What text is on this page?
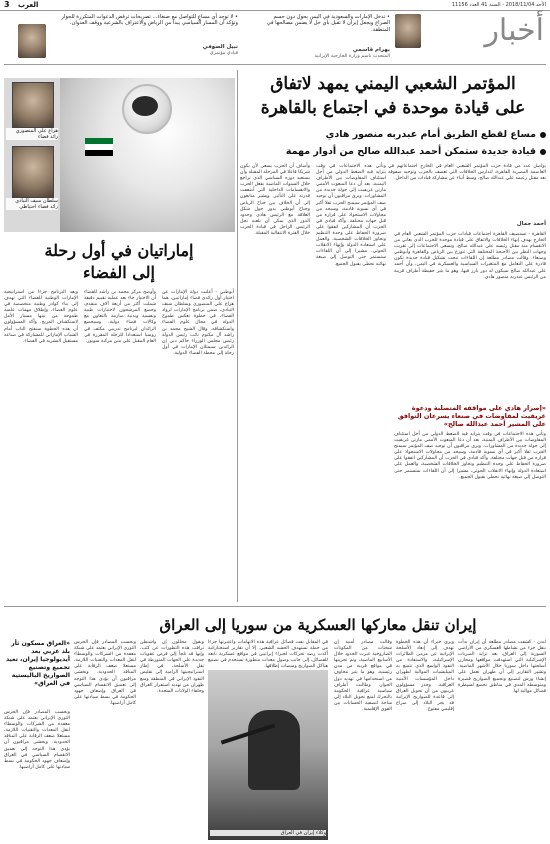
3 العرب	الأحد 2018/11/04 - السنة 41 العدد 11156
أخبار
• تدخل الإمارات والسعودية في اليمن يحول دون حسم الصراع ويجعل إيران لا تقبل بأي حل لا يضمن مصالحها في المنطقة.
بهرام قاسمي
المتحدث باسم وزارة الخارجية الإيرانية
• لا توجد أي مساعٍ للتواصل مع صنعاء... تصريحات ترفض الدعوات المتكررة للحوار وتؤكد أن المسار السياسي يبدأ من الرياض والاعتراف بالشرعية ووقف العدوان.
نبيل الصوفي
قيادي مؤتمري
المؤتمر الشعبي اليمني يمهد لاتفاق
على قيادة موحدة في اجتماع بالقاهرة
مساع لقطع الطريق أمام عبدربه منصور هادي
قيادة جديدة ستمكن أحمد عبدالله صالح من أدوار مهمة
يواصل عدد من قادة حزب المؤتمر الشعبي العام في الخارج اجتماعاتهم في العاصمة المصرية القاهرة، لتدارس الخلافات التي تعصف بالحزب وتوحيد صفوفه بعد مقتل زعيمه علي عبدالله صالح، وسط أنباء عن مشاركة قيادات من الداخل.
أحمد جمال
القاهرة - تستضيف القاهرة اجتماعات قيادات حزب المؤتمر الشعبي العام في الخارج بهدف إنهاء الخلافات والاتفاق على قيادة موحدة للحزب الذي يعاني من الانقسام منذ مقتل رئيسه علي عبدالله صالح، وتسعى الاجتماعات إلى تقريب وجهات النظر بين الأجنحة المختلفة التي تتوزع بين الرياض والقاهرة وأبوظبي وصنعاء. وقالت مصادر مطلعة إن اللقاءات تبحث تشكيل قيادة جديدة تكون قادرة على التعامل مع المتغيرات السياسية والعسكرية في اليمن، وأن أحمد علي عبدالله صالح سيكون له دور بارز فيها، وهو ما يثير حفيظة أطراف قريبة من الرئيس عبدربه منصور هادي.
«إصرار هادي على مواقفه المتصلبة ودعوة غريفيث لمفاوضات في صنعاء يسرعان التوافق على المشير أحمد عبدالله صالح»
وتأتي هذه الاجتماعات في وقت يتزايد فيه الضغط الدولي من أجل استئناف المفاوضات بين الأطراف اليمنية، بعد أن دعا المبعوث الأممي مارتن غريفيث إلى جولة جديدة من المشاورات. ويرى مراقبون أن توحيد صف المؤتمر سيمنح الحزب ثقلا أكبر في أي تسوية قادمة، وسيحد من محاولات الاستحواذ على قراره من قبل جهات مختلفة. وأكد قيادي في الحزب أن المشاركين اتفقوا على ضرورة الحفاظ على وحدة التنظيم وتجاوز الخلافات الشخصية، والعمل على استعادة الدولة وإنهاء الانقلاب الحوثي، مشيرا إلى أن اللقاءات ستستمر حتى التوصل إلى صيغة نهائية تحظى بقبول الجميع.
وتأتي هذه الاجتماعات في وقت يتزايد فيه الضغط الدولي من أجل استئناف المفاوضات بين الأطراف اليمنية، بعد أن دعا المبعوث الأممي مارتن غريفيث إلى جولة جديدة من المشاورات. ويرى مراقبون أن توحيد صف المؤتمر سيمنح الحزب ثقلا أكبر في أي تسوية قادمة، وسيحد من محاولات الاستحواذ على قراره من قبل جهات مختلفة. وأكد قيادي في الحزب أن المشاركين اتفقوا على ضرورة الحفاظ على وحدة التنظيم وتجاوز الخلافات الشخصية، والعمل على استعادة الدولة وإنهاء الانقلاب الحوثي، مشيرا إلى أن اللقاءات ستستمر حتى التوصل إلى صيغة نهائية تحظى بقبول الجميع.
وأضاف أن الحزب يسعى لأن يكون شريكا فاعلا في المرحلة المقبلة وأن يستعيد دوره السياسي الذي تراجع خلال السنوات الماضية بفعل الحرب والانقسامات الداخلية التي أضعفت قدرته على التأثير. ويشير متابعون إلى أن الخلاف بين جناح الرياض وجناح أبوظبي يدور حول شكل العلاقة مع الرئيس هادي وحدود الدور الذي يمكن أن يلعبه نجل الرئيس الراحل في قيادة الحزب خلال الفترة الانتقالية المقبلة.
هزاع علي المنصوري
رائد فضاء
سلطان سيف النيادي
رائد فضاء احتياطي
إماراتيان في أول رحلة
إلى الفضاء
أبوظبي - أعلنت دولة الإمارات عن اختيار أول رائدي فضاء إماراتيين، هما هزاع علي المنصوري وسلطان سيف النيادي، ضمن برنامج الإمارات لرواد الفضاء، في خطوة تعكس طموح الدولة في مجال علوم الفضاء واستكشافه. وقال الشيخ محمد بن راشد آل مكتوم نائب رئيس الدولة رئيس مجلس الوزراء حاكم دبي إن الرائدين سيمثلان الإمارات في أول رحلة إلى محطة الفضاء الدولية.
وأوضح مركز محمد بن راشد للفضاء أن الاختيار جاء بعد عملية تقييم دقيقة شملت أكثر من أربعة آلاف متقدم، وخضع المرشحون لاختبارات طبية ونفسية وبدنية صارمة بالتعاون مع وكالات فضاء دولية. وسيخضع الرائدان لبرنامج تدريبي مكثف في روسيا استعدادا للرحلة المقررة في العام المقبل على متن مركبة سويوز.
ويعد البرنامج جزءا من استراتيجية الإمارات الوطنية للفضاء التي تهدف إلى بناء كوادر وطنية متخصصة في علوم الفضاء، وإطلاق مهمات علمية طموحة من بينها مسبار الأمل لاستكشاف المريخ. وأكد المسؤولون أن هذه الخطوة ستفتح الباب أمام الشباب الإماراتي للمشاركة في صناعة مستقبل البشرية في الفضاء.
إيران تنقل معاركها العسكرية من سوريا إلى العراق
لندن - كشفت مصادر مطلعة أن إيران بدأت بنقل جزء من نشاطها العسكري من الأراضي السورية إلى العراق، بعد تزايد الضربات الإسرائيلية التي استهدفت مواقعها ومخازن أسلحتها داخل سوريا خلال الأشهر الماضية. وتشير التقارير إلى أن طهران تعمل على إنشاء ورش لتصنيع وتجميع الصواريخ قصيرة ومتوسطة المدى في مناطق تخضع لسيطرة فصائل موالية لها.
ويرى خبراء أن هذه الخطوة تهدف إلى إبعاد الأسلحة الإيرانية عن مرمى الطائرات الإسرائيلية، والاستفادة من النفوذ الواسع الذي تتمتع به الميليشيات الموالية لطهران داخل المؤسسات الأمنية العراقية. وحذر مسؤولون غربيون من أن تحويل العراق إلى قاعدة للصواريخ الإيرانية قد يجر البلاد إلى صراع إقليمي مفتوح.
وقالت مصادر أمنية إن شحنات من المكونات الصاروخية عبرت الحدود خلال الأسابيع الماضية، وتم تخزينها في مواقع قريبة من مدن رئيسية، وهو ما يثير مخاوف من استخدامها في تهديد دول الجوار. وطالبت أطراف سياسية عراقية الحكومة بالتحرك لمنع تحويل البلاد إلى ساحة لتصفية الحسابات بين القوى الإقليمية.
في المقابل نفت فصائل عراقية هذه الاتهامات واعتبرتها جزءا من حملة تستهدف الحشد الشعبي. إلا أن تقارير استخباراتية أكدت رصد تحركات لخبراء إيرانيين في مواقع عسكرية تابعة للفصائل، إلى جانب وصول معدات متطورة تستخدم في تصنيع هياكل الصواريخ ومنصات إطلاقها.
وكلاء إيران في العراق
ويقول محللون إن واشنطن تراقب هذه التطورات عن كثب، وإنها قد تلجأ إلى فرض عقوبات جديدة على الجهات المتورطة في نقل الأسلحة، في إطار استراتيجيتها الرامية إلى تقليص النفوذ الإيراني في المنطقة ومنع طهران من تهديد استقرار العراق وحلفاء الولايات المتحدة.
وبحسب المصادر فإن الحرس الثوري الإيراني يعتمد على شبكة معقدة من الشركات والوسطاء لنقل المعدات والتقنيات اللازمة، مستغلا ضعف الرقابة على المنافذ الحدودية. ويخشى مراقبون أن يؤدي هذا التوجه إلى تعميق الانقسام السياسي في العراق وإضعاف جهود الحكومة في بسط سيادتها على كامل أراضيها.
«العراق مسكون ثأر بلد عربي بعد أيديولوجيا إيران، تعيد تجميع وتصنيع الصواريخ الباليستية في العراق»
وبحسب المصادر فإن الحرس الثوري الإيراني يعتمد على شبكة معقدة من الشركات والوسطاء لنقل المعدات والتقنيات اللازمة، مستغلا ضعف الرقابة على المنافذ الحدودية. ويخشى مراقبون أن يؤدي هذا التوجه إلى تعميق الانقسام السياسي في العراق وإضعاف جهود الحكومة في بسط سيادتها على كامل أراضيها.
